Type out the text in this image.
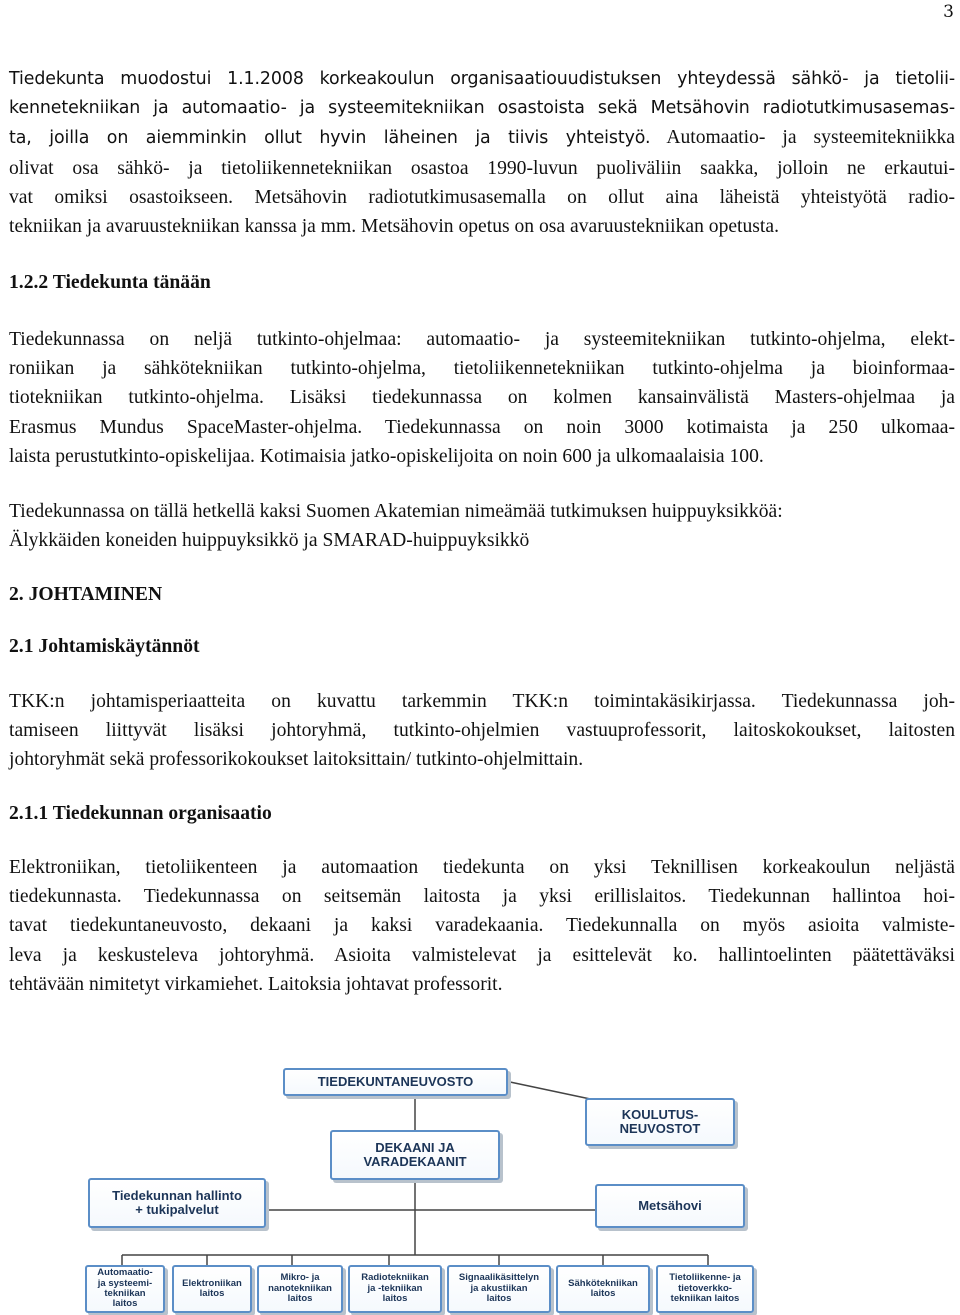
3
Tiedekunta muodostui 1.1.2008 korkeakoulun organisaatiouudistuksen yhteydessä sähkö- ja tietolii-
kennetekniikan ja automaatio- ja systeemitekniikan osastoista sekä Metsähovin radiotutkimusasemas-
ta, joilla on aiemminkin ollut hyvin läheinen ja tiivis yhteistyö. Automaatio- ja systeemitekniikka
olivat osa sähkö- ja tietoliikennetekniikan osastoa 1990-luvun puoliväliin saakka, jolloin ne erkautui-
vat omiksi osastoikseen. Metsähovin radiotutkimusasemalla on ollut aina läheistä yhteistyötä radio-
tekniikan ja avaruustekniikan kanssa ja mm. Metsähovin opetus on osa avaruustekniikan opetusta.
1.2.2 Tiedekunta tänään
Tiedekunnassa on neljä tutkinto-ohjelmaa: automaatio- ja systeemitekniikan tutkinto-ohjelma, elekt-
roniikan ja sähkötekniikan tutkinto-ohjelma, tietoliikennetekniikan tutkinto-ohjelma ja bioinformaa-
tiotekniikan tutkinto-ohjelma. Lisäksi tiedekunnassa on kolmen kansainvälistä Masters-ohjelmaa ja
Erasmus Mundus SpaceMaster-ohjelma. Tiedekunnassa on noin 3000 kotimaista ja 250 ulkomaa-
laista perustutkinto-opiskelijaa. Kotimaisia jatko-opiskelijoita on noin 600 ja ulkomaalaisia 100.
Tiedekunnassa on tällä hetkellä kaksi Suomen Akatemian nimeämää tutkimuksen huippuyksikköä:
Älykkäiden koneiden huippuyksikkö ja SMARAD-huippuyksikkö
2. JOHTAMINEN
2.1 Johtamiskäytännöt
TKK:n johtamisperiaatteita on kuvattu tarkemmin TKK:n toimintakäsikirjassa. Tiedekunnassa joh-
tamiseen liittyvät lisäksi johtoryhmä, tutkinto-ohjelmien vastuuprofessorit, laitoskokoukset, laitosten
johtoryhmät sekä professorikokoukset laitoksittain/ tutkinto-ohjelmittain.
2.1.1 Tiedekunnan organisaatio
Elektroniikan, tietoliikenteen ja automaation tiedekunta on yksi Teknillisen korkeakoulun neljästä
tiedekunnasta. Tiedekunnassa on seitsemän laitosta ja yksi erillislaitos. Tiedekunnan hallintoa hoi-
tavat tiedekuntaneuvosto, dekaani ja kaksi varadekaania. Tiedekunnalla on myös asioita valmiste-
leva ja keskusteleva johtoryhmä. Asioita valmistelevat ja esittelevät ko. hallintoelinten päätettäväksi
tehtävään nimitetyt virkamiehet. Laitoksia johtavat professorit.
TIEDEKUNTANEUVOSTO
KOULUTUS-
NEUVOSTOT
DEKAANI JA
VARADEKAANIT
Tiedekunnan hallinto
+ tukipalvelut	Metsähovi
Automaatio-
ja systeemi-
tekniikan
laitos
Elektroniikan
laitos
Mikro- ja
nanotekniikan
laitos
Radiotekniikan
ja -tekniikan
laitos
Signaalikäsittelyn
ja akustiikan
laitos
Sähkötekniikan
laitos
Tietoliikenne- ja
tietoverkko-
tekniikan laitos
